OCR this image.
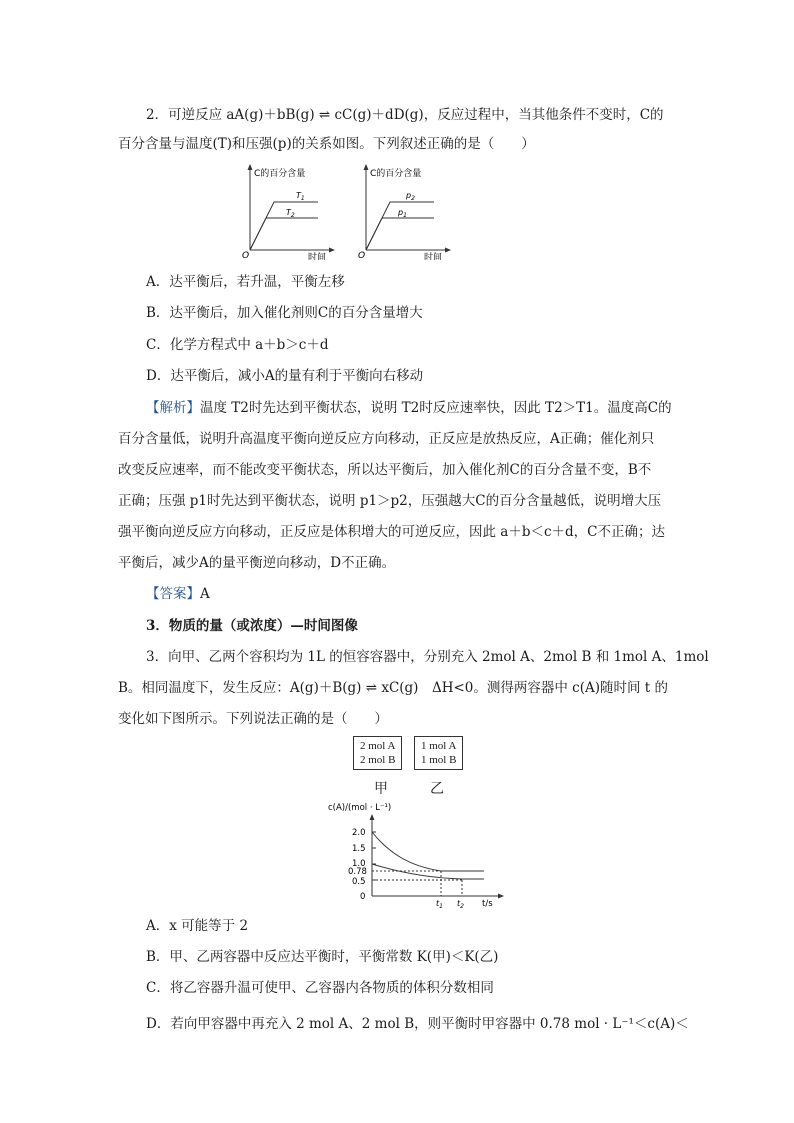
2．可逆反应 aA(g)＋bB(g) ⇌ cC(g)＋dD(g)，反应过程中，当其他条件不变时，C的
百分含量与温度(T)和压强(p)的关系如图。下列叙述正确的是（　　）
C的百分含量
$T_1$
$T_2$
O	时间
C的百分含量
$p_2$
$p_1$
O	时间
A．达平衡后，若升温，平衡左移
B．达平衡后，加入催化剂则C的百分含量增大
C．化学方程式中 a＋b＞c＋d
D．达平衡后，减小A的量有利于平衡向右移动
【解析】温度 T2时先达到平衡状态，说明 T2时反应速率快，因此 T2＞T1。温度高C的
百分含量低，说明升高温度平衡向逆反应方向移动，正反应是放热反应，A正确；催化剂只
改变反应速率，而不能改变平衡状态，所以达平衡后，加入催化剂C的百分含量不变，B不
正确；压强 p1时先达到平衡状态，说明 p1＞p2，压强越大C的百分含量越低，说明增大压
强平衡向逆反应方向移动，正反应是体积增大的可逆反应，因此 a＋b＜c＋d，C不正确；达
平衡后，减少A的量平衡逆向移动，D不正确。
【答案】A
3．物质的量（或浓度）—时间图像
3．向甲、乙两个容积均为 1L 的恒容容器中，分别充入 2mol A、2mol B 和 1mol A、1mol
B。相同温度下，发生反应：A(g)＋B(g) ⇌ xC(g)　ΔH<0。测得两容器中 c(A)随时间 t 的
变化如下图所示。下列说法正确的是（　　）
2 mol A
2 mol B
1 mol A
1 mol B
甲	乙
c(A)/(mol · L⁻¹)
2.0
1.5
1.0
0.78
0.5
0
$t_1$ $t_2$ t/s
A．x 可能等于 2
B．甲、乙两容器中反应达平衡时，平衡常数 K(甲)＜K(乙)
C．将乙容器升温可使甲、乙容器内各物质的体积分数相同
D．若向甲容器中再充入 2 mol A、2 mol B，则平衡时甲容器中 0.78 mol · L⁻¹＜c(A)＜
